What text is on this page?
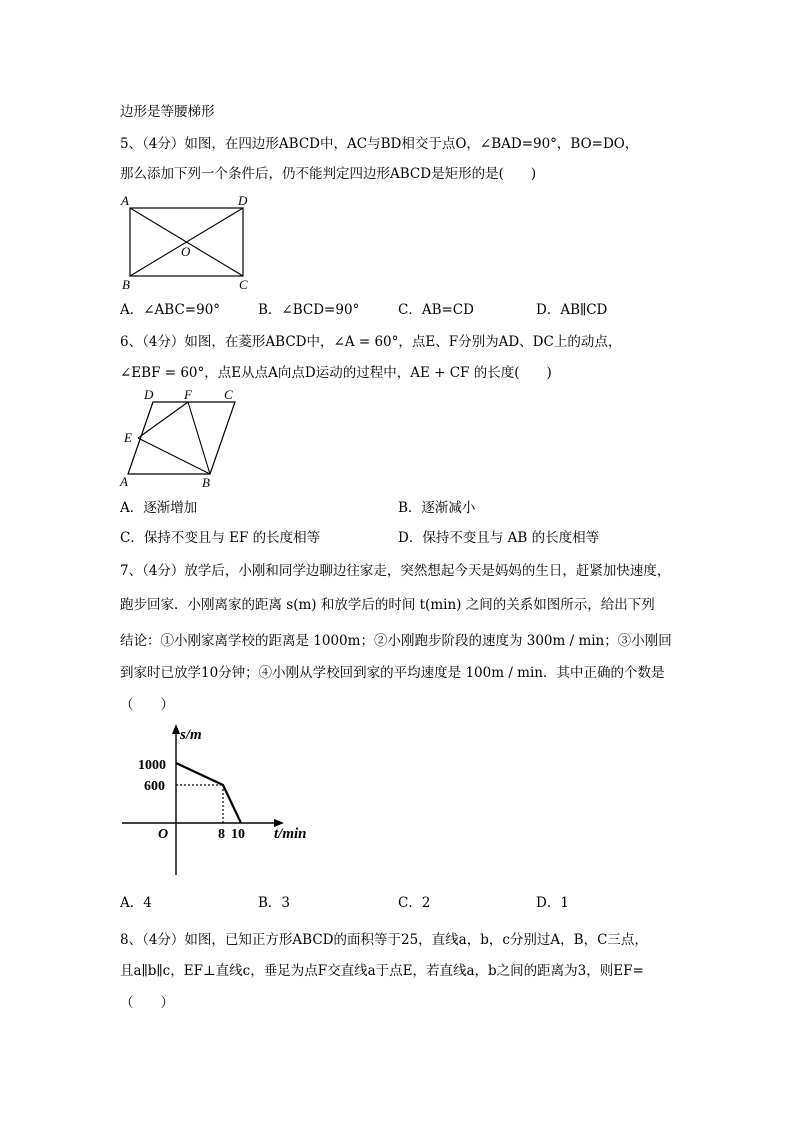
边形是等腰梯形
5、（4分）如图，在四边形ABCD中，AC与BD相交于点O，∠BAD=90°，BO=DO，
那么添加下列一个条件后，仍不能判定四边形ABCD是矩形的是(　　)
A	D
B	C
O
A．∠ABC=90°	B．∠BCD=90°	C．AB=CD	D．AB∥CD
6、（4分）如图，在菱形ABCD中，∠A = 60°，点E、F分别为AD、DC上的动点，
∠EBF = 60°，点E从点A向点D运动的过程中，AE + CF 的长度(　　)
D F C
E
A	B
A．逐渐增加	B．逐渐减小
C．保持不变且与 EF 的长度相等	D．保持不变且与 AB 的长度相等
7、（4分）放学后，小刚和同学边聊边往家走，突然想起今天是妈妈的生日，赶紧加快速度，
跑步回家．小刚离家的距离 s(m) 和放学后的时间 t(min) 之间的关系如图所示，给出下列
结论：①小刚家离学校的距离是 1000m；②小刚跑步阶段的速度为 300m / min；③小刚回
到家时已放学10分钟；④小刚从学校回到家的平均速度是 100m / min．其中正确的个数是
（　　）
s/m
t/min
1000
600
O	8 10
A．4	B．3	C．2	D．1
8、（4分）如图，已知正方形ABCD的面积等于25，直线a，b，c分别过A，B，C三点，
且a∥b∥c，EF⊥直线c，垂足为点F交直线a于点E，若直线a，b之间的距离为3，则EF=
（　　）
